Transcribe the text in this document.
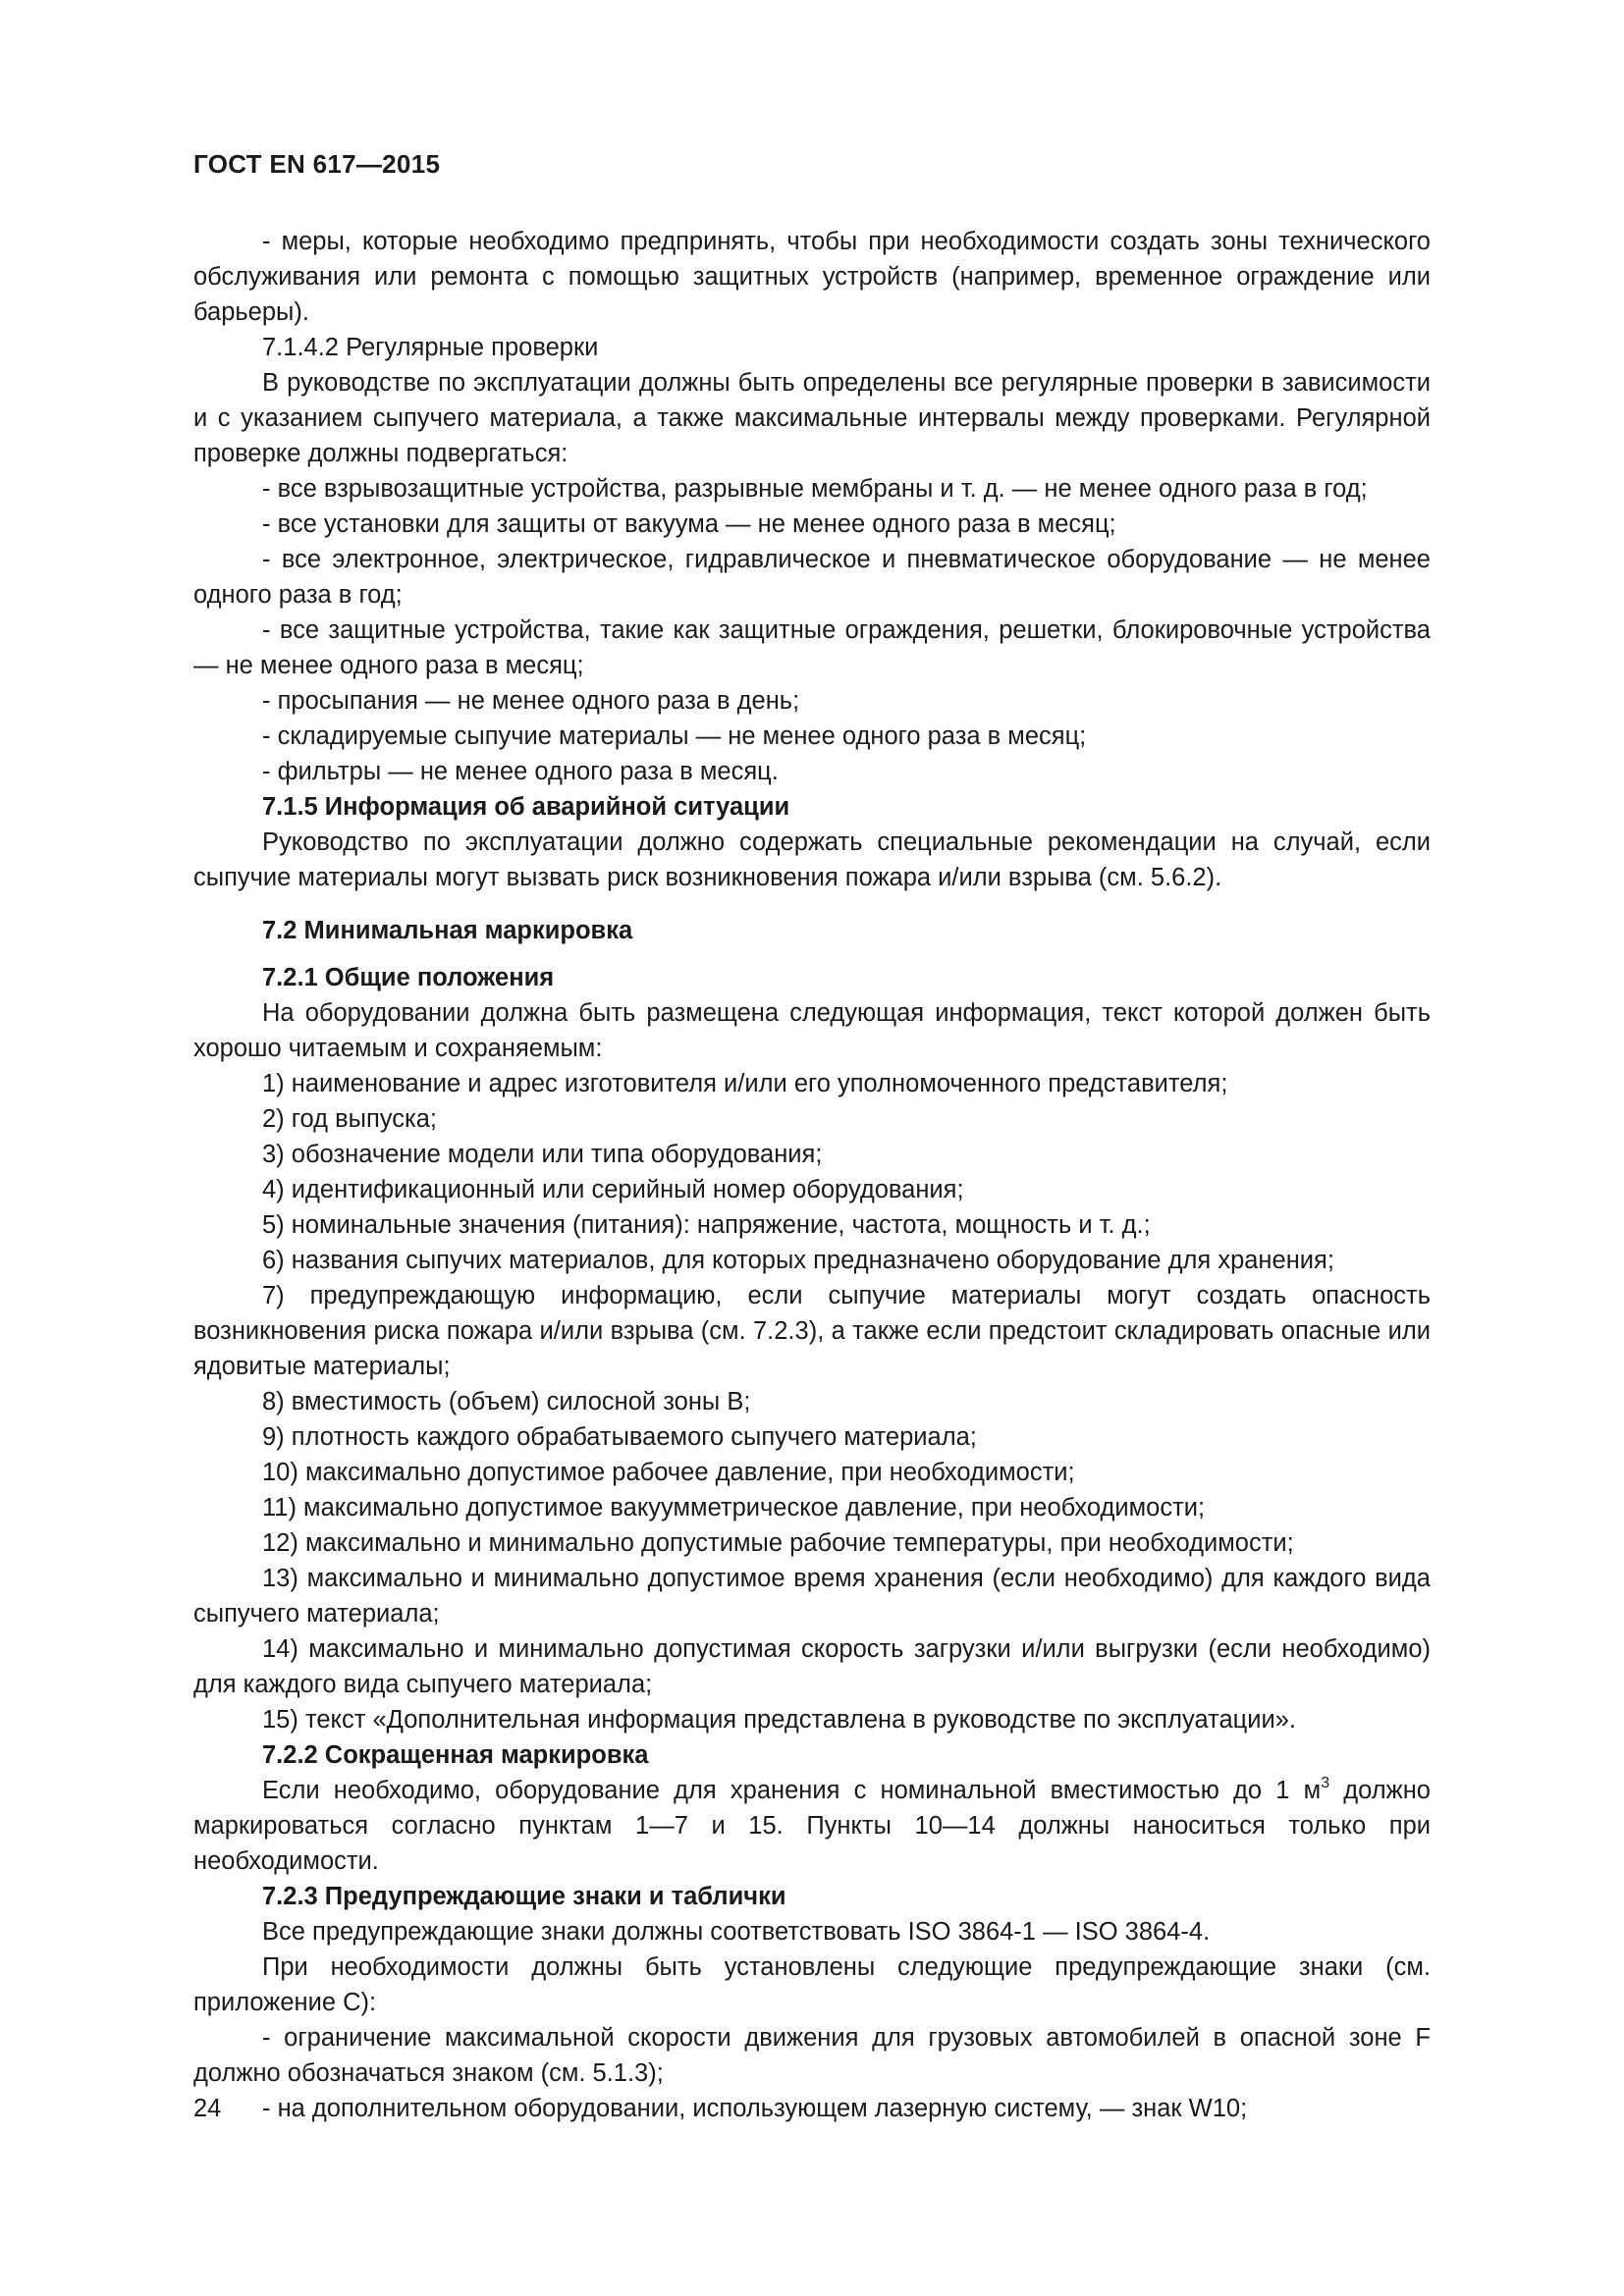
ГОСТ EN 617—2015

- меры, которые необходимо предпринять, чтобы при необходимости создать зоны технического обслуживания или ремонта с помощью защитных устройств (например, временное ограждение или барьеры).

7.1.4.2 Регулярные проверки

В руководстве по эксплуатации должны быть определены все регулярные проверки в зависимости и с указанием сыпучего материала, а также максимальные интервалы между проверками. Регулярной проверке должны подвергаться:

- все взрывозащитные устройства, разрывные мембраны и т. д. — не менее одного раза в год;

- все установки для защиты от вакуума — не менее одного раза в месяц;

- все электронное, электрическое, гидравлическое и пневматическое оборудование — не менее одного раза в год;

- все защитные устройства, такие как защитные ограждения, решетки, блокировочные устройства — не менее одного раза в месяц;

- просыпания — не менее одного раза в день;

- складируемые сыпучие материалы — не менее одного раза в месяц;

- фильтры — не менее одного раза в месяц.

7.1.5 Информация об аварийной ситуации

Руководство по эксплуатации должно содержать специальные рекомендации на случай, если сыпучие материалы могут вызвать риск возникновения пожара и/или взрыва (см. 5.6.2).

7.2 Минимальная маркировка

7.2.1 Общие положения

На оборудовании должна быть размещена следующая информация, текст которой должен быть хорошо читаемым и сохраняемым:

1) наименование и адрес изготовителя и/или его уполномоченного представителя;

2) год выпуска;

3) обозначение модели или типа оборудования;

4) идентификационный или серийный номер оборудования;

5) номинальные значения (питания): напряжение, частота, мощность и т. д.;

6) названия сыпучих материалов, для которых предназначено оборудование для хранения;

7) предупреждающую информацию, если сыпучие материалы могут создать опасность возникновения риска пожара и/или взрыва (см. 7.2.3), а также если предстоит складировать опасные или ядовитые материалы;

8) вместимость (объем) силосной зоны В;

9) плотность каждого обрабатываемого сыпучего материала;

10) максимально допустимое рабочее давление, при необходимости;

11) максимально допустимое вакуумметрическое давление, при необходимости;

12) максимально и минимально допустимые рабочие температуры, при необходимости;

13) максимально и минимально допустимое время хранения (если необходимо) для каждого вида сыпучего материала;

14) максимально и минимально допустимая скорость загрузки и/или выгрузки (если необходимо) для каждого вида сыпучего материала;

15) текст «Дополнительная информация представлена в руководстве по эксплуатации».

7.2.2 Сокращенная маркировка

Если необходимо, оборудование для хранения с номинальной вместимостью до 1 $м^3$ должно маркироваться согласно пунктам 1—7 и 15. Пункты 10—14 должны наноситься только при необходимости.

7.2.3 Предупреждающие знаки и таблички

Все предупреждающие знаки должны соответствовать ISO 3864-1 — ISO 3864-4.

При необходимости должны быть установлены следующие предупреждающие знаки (см. приложение С):

- ограничение максимальной скорости движения для грузовых автомобилей в опасной зоне F должно обозначаться знаком (см. 5.1.3);

- на дополнительном оборудовании, использующем лазерную систему, — знак W10;

24
